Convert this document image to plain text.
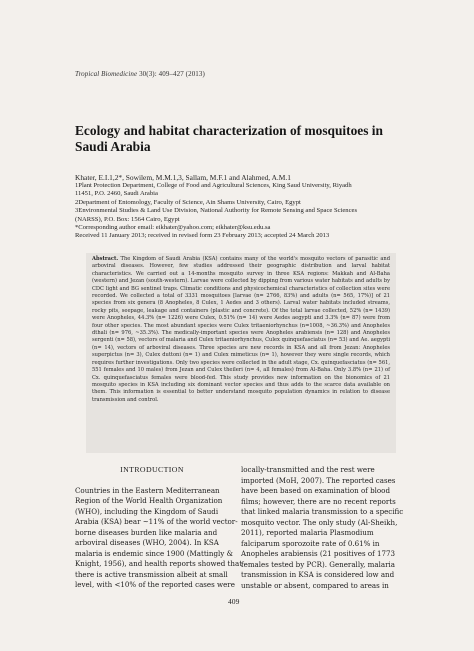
Tropical Biomedicine 30(3): 409–427 (2013)
Ecology and habitat characterization of mosquitoes in Saudi Arabia
Khater, E.I.1,2*, Sowilem, M.M.1,3, Sallam, M.F.1 and Alahmed, A.M.1
1Plant Protection Department, College of Food and Agricultural Sciences, King Saud University, Riyadh
11451, P.O. 2460, Saudi Arabia
2Department of Entomology, Faculty of Science, Ain Shams University, Cairo, Egypt
3Environmental Studies & Land Use Division, National Authority for Remote Sensing and Space Sciences
(NARSS), P.O. Box: 1564 Cairo, Egypt
*Corresponding author email: eikhater@yahoo.com; eikhater@ksu.edu.sa
Received 11 January 2013; received in revised form 23 February 2013; accepted 24 March 2013

Abstract. The Kingdom of Saudi Arabia (KSA) contains many of the world's mosquito vectors of parasitic and arboviral diseases. However, few studies addressed their geographic distribution and larval habitat characteristics. We carried out a 14-months mosquito survey in three KSA regions: Makkah and Al-Baha (western) and Jezan (south-western). Larvae were collected by dipping from various water habitats and adults by CDC light and BG sentinel traps. Climatic conditions and physicochemical characteristics of collection sites were recorded. We collected a total of 3331 mosquitoes [larvae (n= 2766, 83%) and adults (n= 565, 17%)] of 21 species from six genera (8 Anopheles, 8 Culex, 1 Aedes and 3 others). Larval water habitats included streams, rocky pits, seepage, leakage and containers (plastic and concrete). Of the total larvae collected, 52% (n= 1439) were Anopheles, 44.3% (n= 1226) were Culex, 0.51% (n= 14) were Aedes aegypti and 3.3% (n= 87) were from four other species. The most abundant species were Culex tritaeniorhynchus (n=1008, ~36.3%) and Anopheles dthali (n= 976, ~35.3%). The medically-important species were Anopheles arabiensis (n= 128) and Anopheles sergenti (n= 58), vectors of malaria and Culex tritaeniorhynchus, Culex quinquefasciatus (n= 53) and Ae. aegypti (n= 14), vectors of arboviral diseases. Three species are new records in KSA and all from Jezan: Anopheles superpictus (n= 3), Culex duttoni (n= 1) and Culex mimeticus (n= 1), however they were single records, which requires further investigations. Only two species were collected in the adult stage, Cx. quinquefasciatus (n= 561, 551 females and 10 males) from Jezan and Culex theileri (n= 4, all females) from Al-Baha. Only 3.8% (n= 21) of Cx. quinquefasciatus females were blood-fed. This study provides new information on the bionomics of 21 mosquito species in KSA including six dominant vector species and thus adds to the scarce data available on them. This information is essential to better understand mosquito population dynamics in relation to disease transmission and control.

INTRODUCTION
Countries in the Eastern Mediterranean
Region of the World Health Organization
(WHO), including the Kingdom of Saudi
Arabia (KSA) bear ~11% of the world vector-
borne diseases burden like malaria and
arboviral diseases (WHO, 2004). In KSA
malaria is endemic since 1900 (Mattingly &
Knight, 1956), and health reports showed that
there is active transmission albeit at small
level, with <10% of the reported cases were
locally-transmitted and the rest were
imported (MoH, 2007). The reported cases
have been based on examination of blood
films; however, there are no recent reports
that linked malaria transmission to a specific
mosquito vector. The only study (Al-Sheikh,
2011), reported malaria Plasmodium
falciparum sporozoite rate of 0.61% in
Anopheles arabiensis (21 positives of 1773
females tested by PCR). Generally, malaria
transmission in KSA is considered low and
unstable or absent, compared to areas in
409
